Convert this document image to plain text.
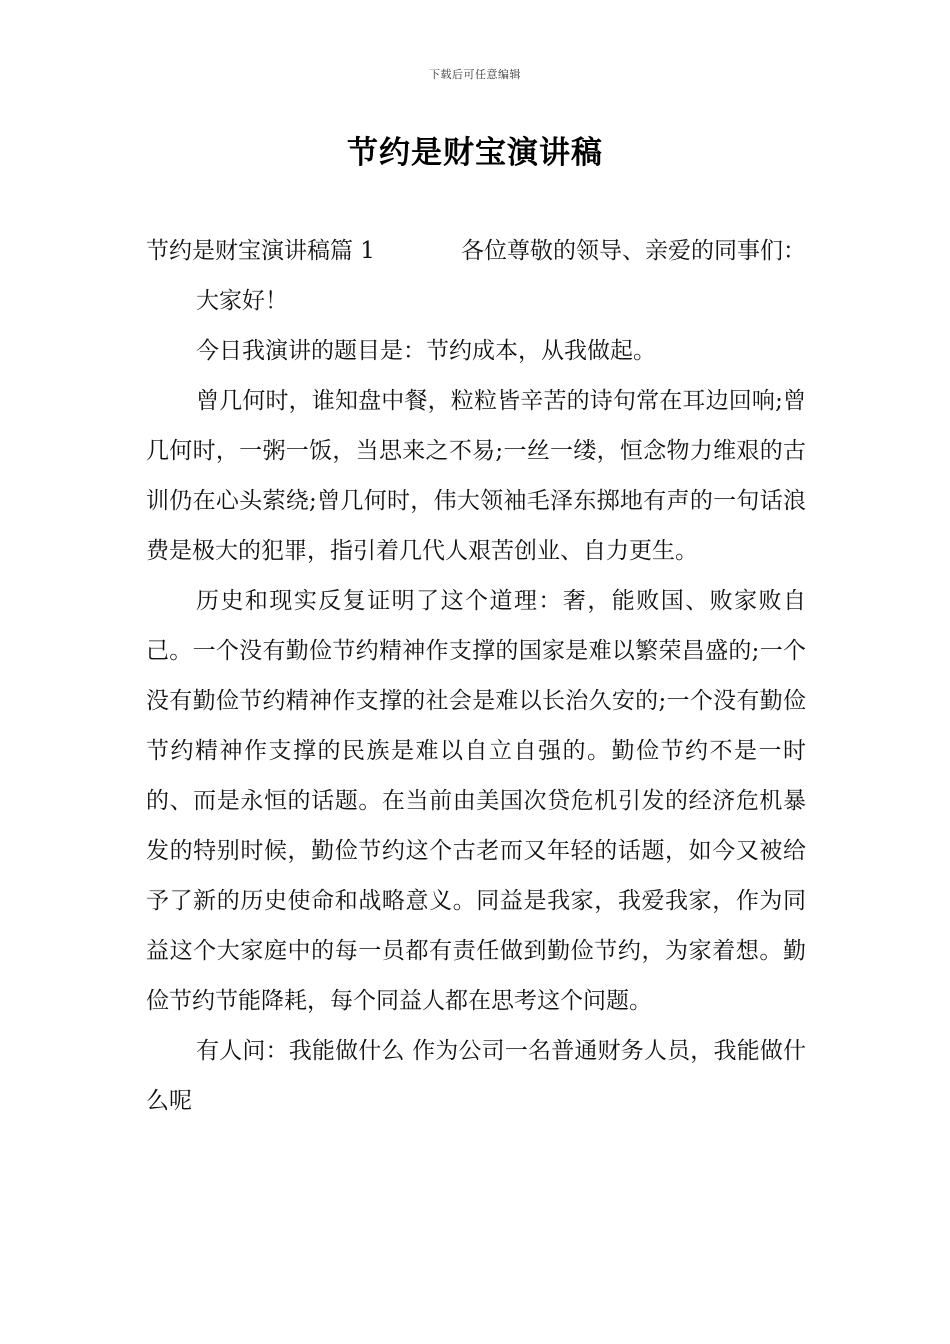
下载后可任意编辑
节约是财宝演讲稿
节约是财宝演讲稿篇 1	各位尊敬的领导、亲爱的同事们：

大家好！

今日我演讲的题目是：节约成本，从我做起。

曾几何时，谁知盘中餐，粒粒皆辛苦的诗句常在耳边回响;曾几何时，一粥一饭，当思来之不易;一丝一缕，恒念物力维艰的古训仍在心头萦绕;曾几何时，伟大领袖毛泽东掷地有声的一句话浪费是极大的犯罪，指引着几代人艰苦创业、自力更生。

历史和现实反复证明了这个道理：奢，能败国、败家败自己。一个没有勤俭节约精神作支撑的国家是难以繁荣昌盛的;一个没有勤俭节约精神作支撑的社会是难以长治久安的;一个没有勤俭节约精神作支撑的民族是难以自立自强的。勤俭节约不是一时的、而是永恒的话题。在当前由美国次贷危机引发的经济危机暴发的特别时候，勤俭节约这个古老而又年轻的话题，如今又被给予了新的历史使命和战略意义。同益是我家，我爱我家，作为同益这个大家庭中的每一员都有责任做到勤俭节约，为家着想。勤俭节约节能降耗，每个同益人都在思考这个问题。

有人问：我能做什么 作为公司一名普通财务人员，我能做什么呢
